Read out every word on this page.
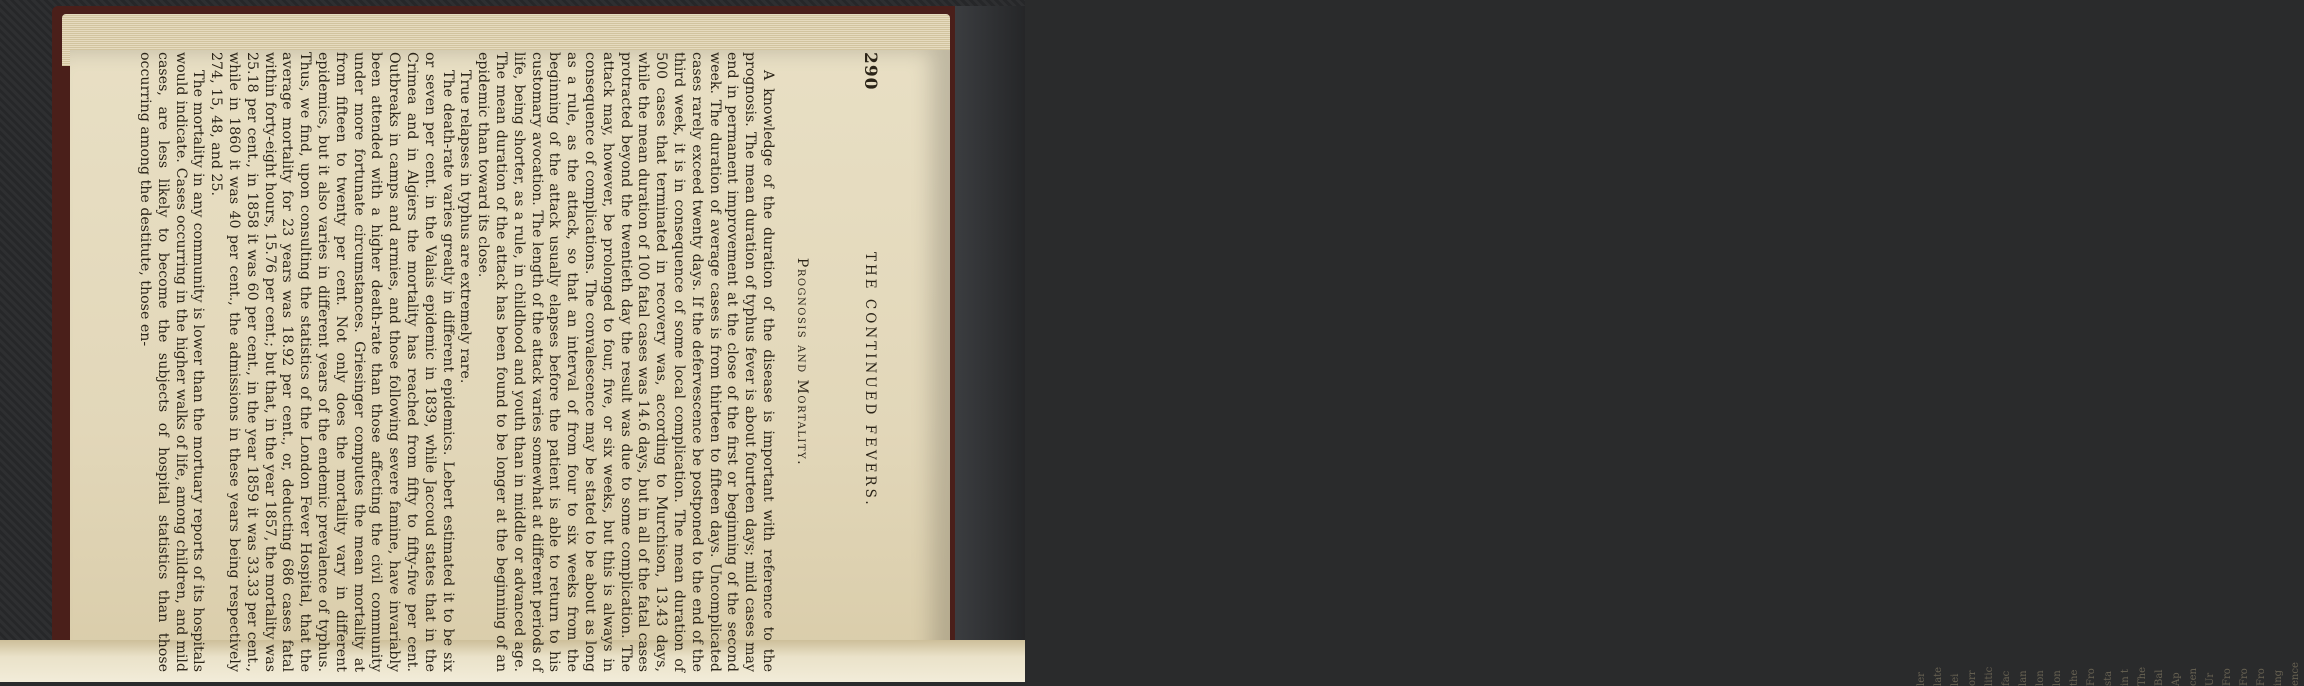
ler late lei orr litic fac lan lon lon the Fro sta in t The Bal Ap cen Ur Fro Fro Fro ing ence
290
THE CONTINUED FEVERS.
Prognosis and Mortality.

A knowledge of the duration of the disease is important with reference to the prognosis. The mean duration of typhus fever is about fourteen days; mild cases may end in permanent improvement at the close of the first or beginning of the second week. The duration of average cases is from thirteen to fifteen days. Uncomplicated cases rarely exceed twenty days. If the defervescence be postponed to the end of the third week, it is in consequence of some local complication. The mean duration of 500 cases that terminated in recovery was, according to Murchison, 13.43 days, while the mean duration of 100 fatal cases was 14.6 days, but in all of the fatal cases protracted beyond the twentieth day the result was due to some complication. The attack may, however, be prolonged to four, five, or six weeks, but this is always in consequence of complications. The convalescence may be stated to be about as long as a rule, as the attack, so that an interval of from four to six weeks from the beginning of the attack usually elapses before the patient is able to return to his customary avocation. The length of the attack varies somewhat at different periods of life, being shorter, as a rule, in childhood and youth than in middle or advanced age. The mean duration of the attack has been found to be longer at the beginning of an epidemic than toward its close.

True relapses in typhus are extremely rare.

The death-rate varies greatly in different epidemics. Lebert estimated it to be six or seven per cent. in the Valais epidemic in 1839, while Jaccoud states that in the Crimea and in Algiers the mortality has reached from fifty to fifty-five per cent. Outbreaks in camps and armies, and those following severe famine, have invariably been attended with a higher death-rate than those affecting the civil community under more fortunate circumstances. Griesinger computes the mean mortality at from fifteen to twenty per cent. Not only does the mortality vary in different epidemics, but it also varies in different years of the endemic prevalence of typhus. Thus, we find, upon consulting the statistics of the London Fever Hospital, that the average mortality for 23 years was 18.92 per cent., or, deducting 686 cases fatal within forty-eight hours, 15.76 per cent.; but that, in the year 1857, the mortality was 25.18 per cent., in 1858 it was 60 per cent., in the year 1859 it was 33.33 per cent., while in 1860 it was 40 per cent., the admissions in these years being respectively 274, 15, 48, and 25.

The mortality in any community is lower than the mortuary reports of its hospitals would indicate. Cases occurring in the higher walks of life, among children, and mild cases, are less likely to become the subjects of hospital statistics than those occurring among the destitute, those en-
